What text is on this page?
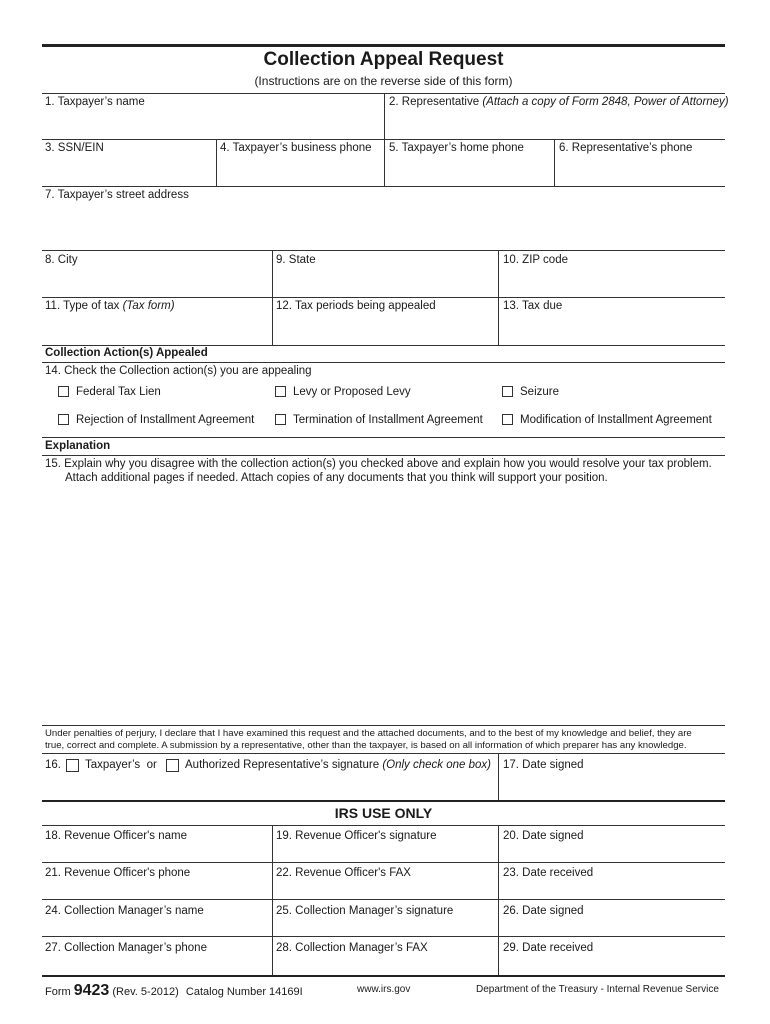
Collection Appeal Request
(Instructions are on the reverse side of this form)
1. Taxpayer’s name	2. Representative (Attach a copy of Form 2848, Power of Attorney)
3. SSN/EIN	4. Taxpayer’s business phone 5. Taxpayer’s home phone	6. Representative’s phone
7. Taxpayer’s street address
8. City	9. State	10. ZIP code
11. Type of tax (Tax form)	12. Tax periods being appealed	13. Tax due
Collection Action(s) Appealed
14. Check the Collection action(s) you are appealing
Federal Tax Lien	Levy or Proposed Levy	Seizure
Rejection of Installment Agreement	Termination of Installment Agreement	Modification of Installment Agreement
Explanation
15. Explain why you disagree with the collection action(s) you checked above and explain how you would resolve your tax problem.
Attach additional pages if needed. Attach copies of any documents that you think will support your position.
Under penalties of perjury, I declare that I have examined this request and the attached documents, and to the best of my knowledge and belief, they are
true, correct and complete. A submission by a representative, other than the taxpayer, is based on all information of which preparer has any knowledge.
16. Taxpayer’s  or Authorized Representative’s signature (Only check one box) 17. Date signed
IRS USE ONLY
18. Revenue Officer's name	19. Revenue Officer's signature	20. Date signed
21. Revenue Officer's phone	22. Revenue Officer's FAX	23. Date received
24. Collection Manager’s name	25. Collection Manager’s signature	26. Date signed
27. Collection Manager’s phone	28. Collection Manager’s FAX	29. Date received
Form 9423 (Rev. 5-2012) Catalog Number 14169I	www.irs.gov	Department of the Treasury - Internal Revenue Service
